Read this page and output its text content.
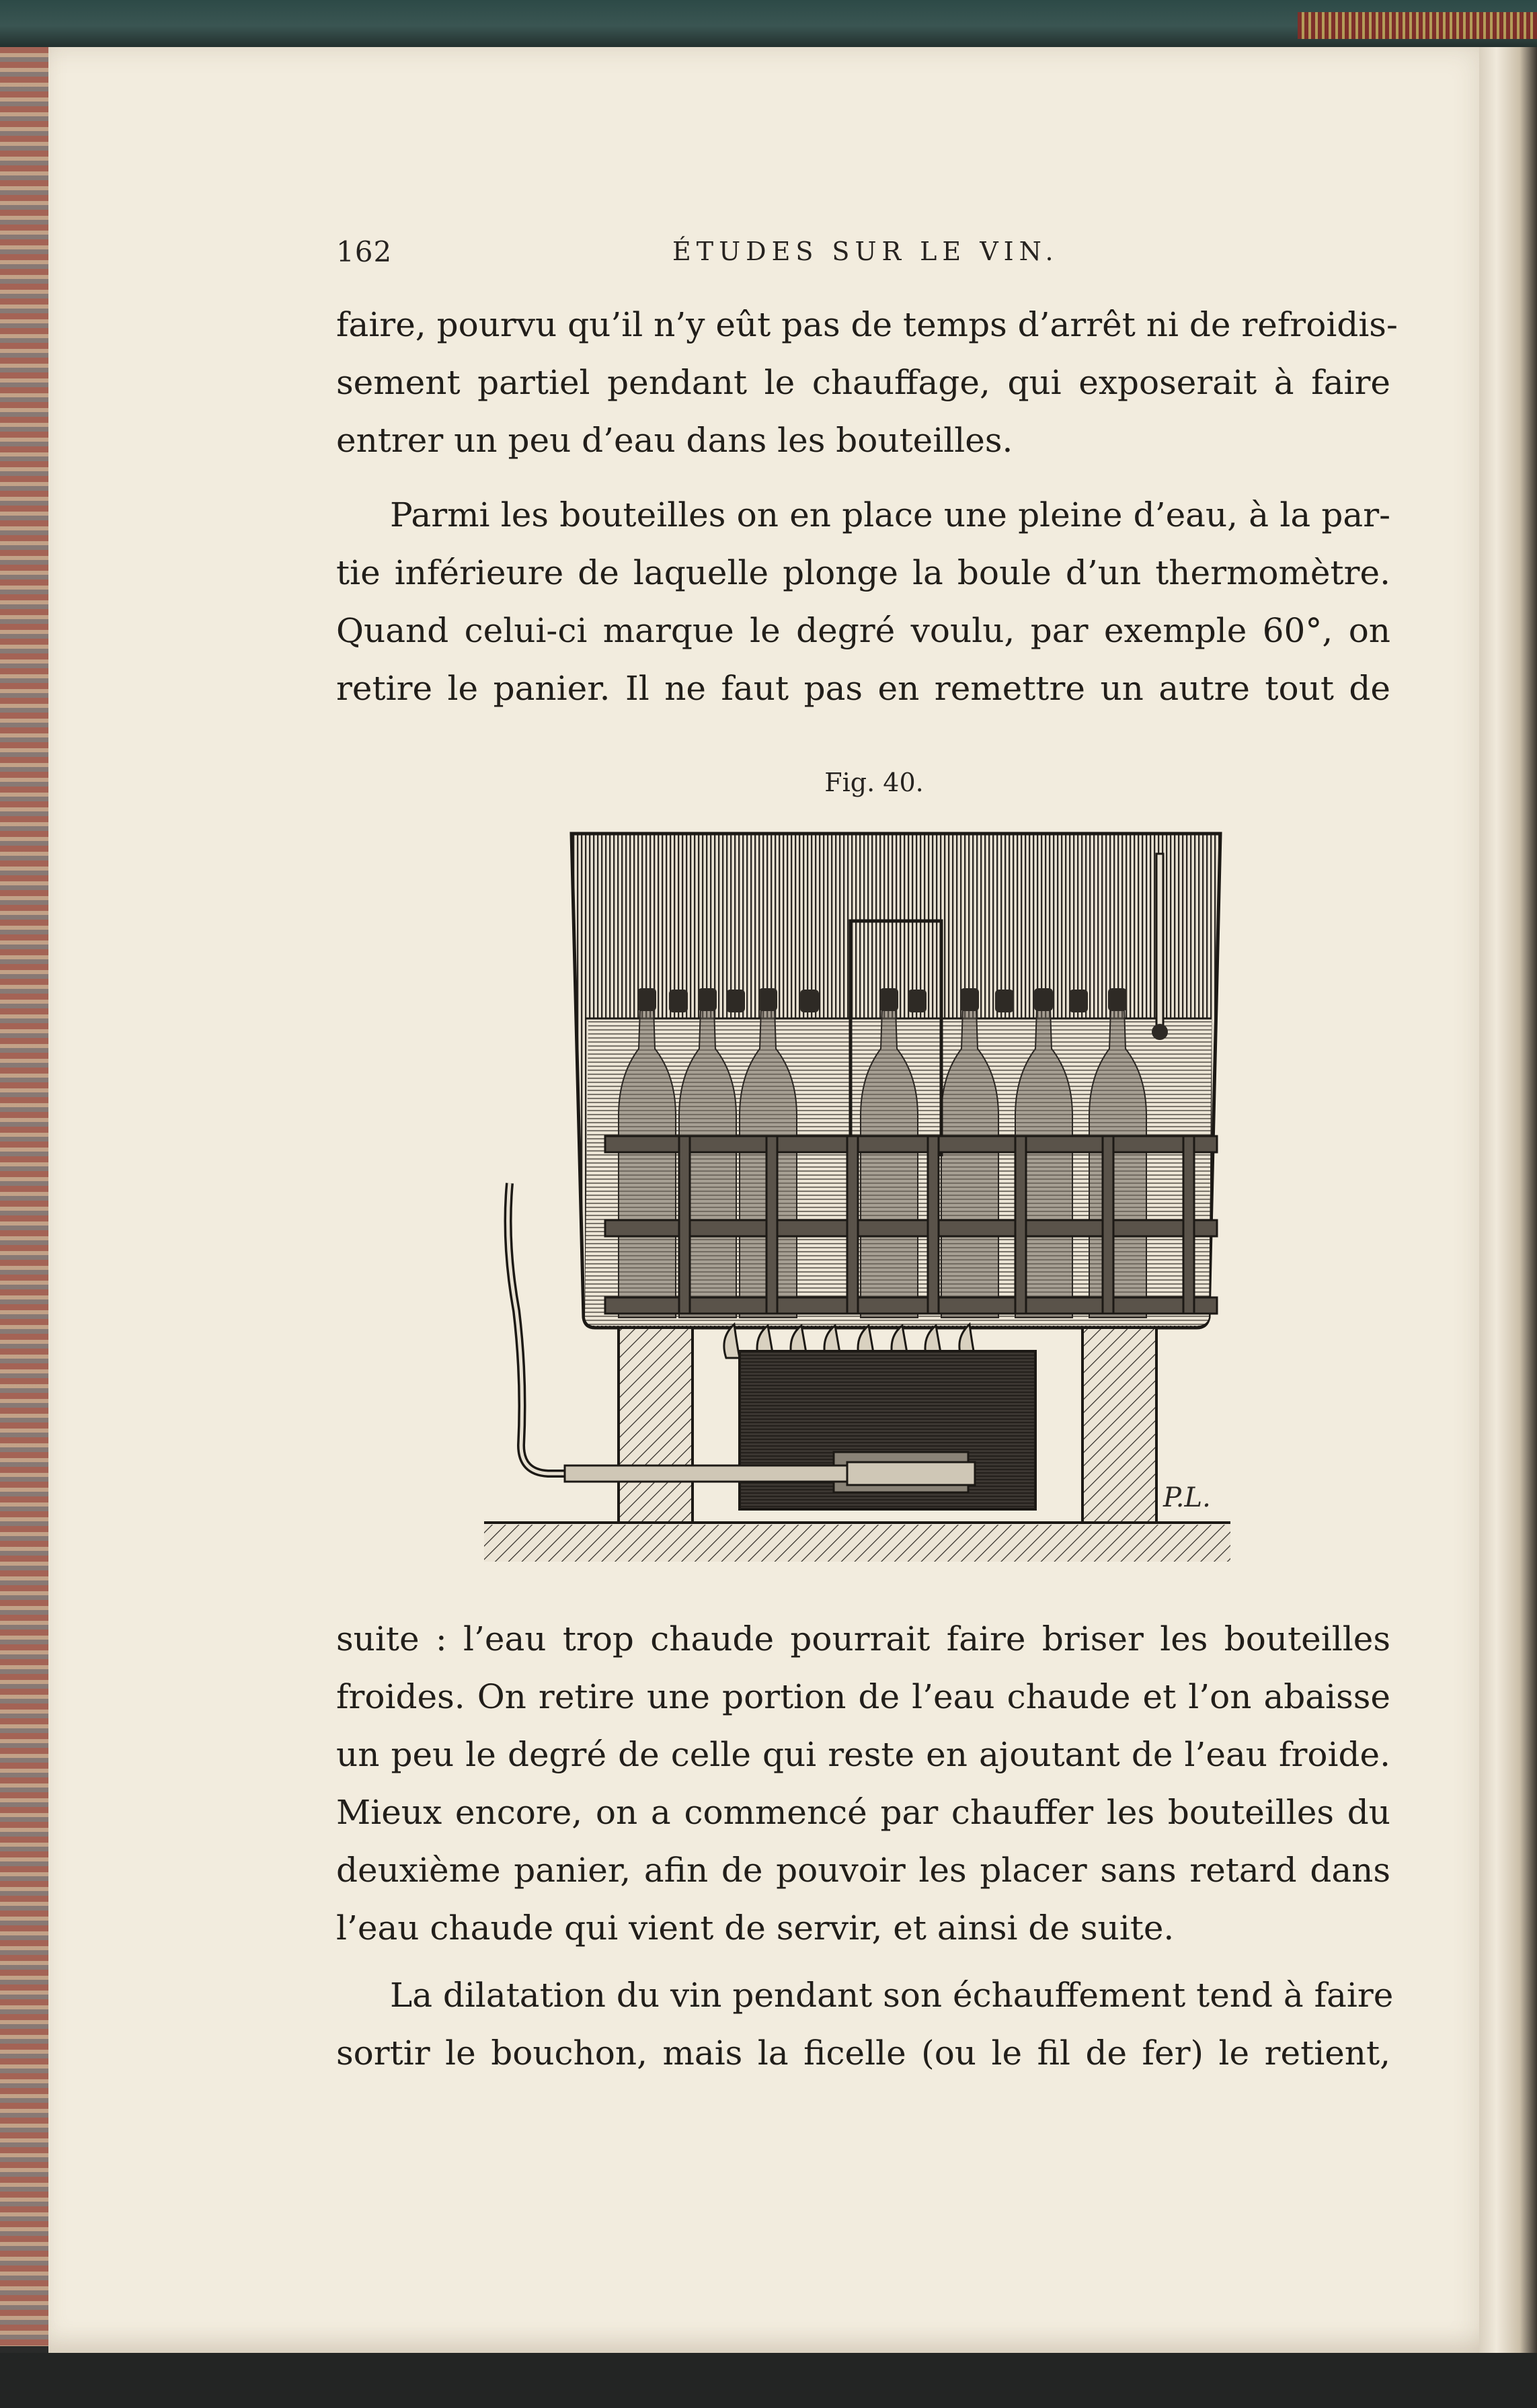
162	ÉTUDES SUR LE VIN.
faire, pourvu qu’il n’y eût pas de temps d’arrêt ni de refroidis-
sement partiel pendant le chauffage, qui exposerait à faire
entrer un peu d’eau dans les bouteilles.
Parmi les bouteilles on en place une pleine d’eau, à la par-
tie inférieure de laquelle plonge la boule d’un thermomètre.
Quand celui-ci marque le degré voulu, par exemple 60°, on
retire le panier. Il ne faut pas en remettre un autre tout de
Fig. 40.
P.L.
suite : l’eau trop chaude pourrait faire briser les bouteilles
froides. On retire une portion de l’eau chaude et l’on abaisse
un peu le degré de celle qui reste en ajoutant de l’eau froide.
Mieux encore, on a commencé par chauffer les bouteilles du
deuxième panier, afin de pouvoir les placer sans retard dans
l’eau chaude qui vient de servir, et ainsi de suite.
La dilatation du vin pendant son échauffement tend à faire
sortir le bouchon, mais la ficelle (ou le fil de fer) le retient,
